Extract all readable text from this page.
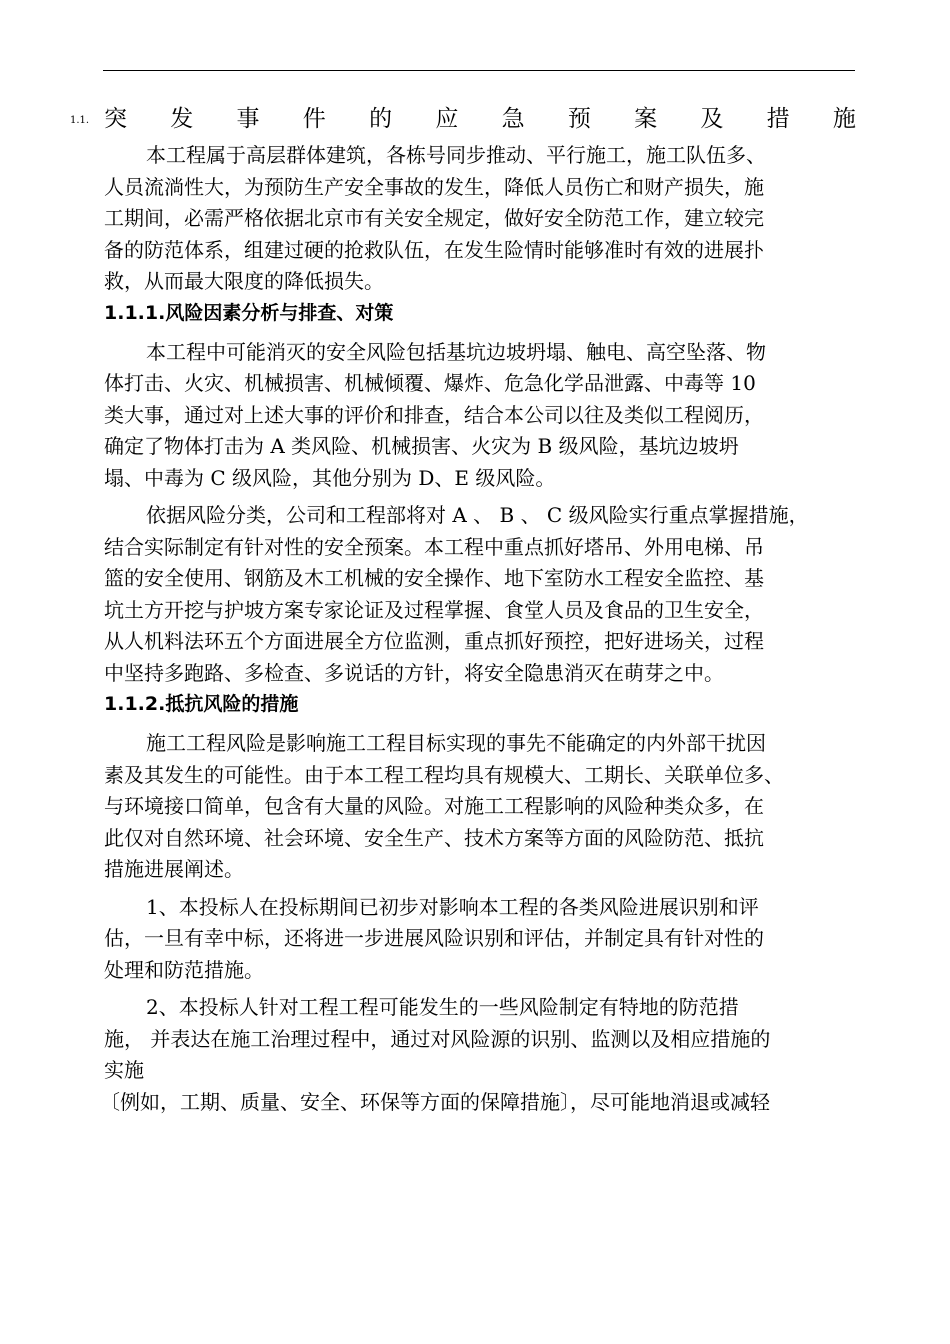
1.1. 突 发 事 件 的 应 急 预 案 及 措 施

本工程属于高层群体建筑，各栋号同步推动、平行施工，施工队伍多、
人员流淌性大，为预防生产安全事故的发生，降低人员伤亡和财产损失，施
工期间，必需严格依据北京市有关安全规定，做好安全防范工作，建立较完
备的防范体系，组建过硬的抢救队伍，在发生险情时能够准时有效的进展扑
救，从而最大限度的降低损失。

1.1.1.风险因素分析与排查、对策

本工程中可能消灭的安全风险包括基坑边坡坍塌、触电、高空坠落、物
体打击、火灾、机械损害、机械倾覆、爆炸、危急化学品泄露、中毒等 10
类大事，通过对上述大事的评价和排查，结合本公司以往及类似工程阅历，
确定了物体打击为 A 类风险、机械损害、火灾为 B 级风险，基坑边坡坍
塌、中毒为 C 级风险，其他分别为 D、E 级风险。

依据风险分类，公司和工程部将对 A 、 B 、 C 级风险实行重点掌握措施，
结合实际制定有针对性的安全预案。本工程中重点抓好塔吊、外用电梯、吊
篮的安全使用、钢筋及木工机械的安全操作、地下室防水工程安全监控、基
坑土方开挖与护坡方案专家论证及过程掌握、食堂人员及食品的卫生安全，
从人机料法环五个方面进展全方位监测，重点抓好预控，把好进场关，过程
中坚持多跑路、多检查、多说话的方针，将安全隐患消灭在萌芽之中。

1.1.2.抵抗风险的措施

施工工程风险是影响施工工程目标实现的事先不能确定的内外部干扰因
素及其发生的可能性。由于本工程工程均具有规模大、工期长、关联单位多、
与环境接口简单，包含有大量的风险。对施工工程影响的风险种类众多，在
此仅对自然环境、社会环境、安全生产、技术方案等方面的风险防范、抵抗
措施进展阐述。

1、本投标人在投标期间已初步对影响本工程的各类风险进展识别和评
估，一旦有幸中标，还将进一步进展风险识别和评估，并制定具有针对性的
处理和防范措施。

2、本投标人针对工程工程可能发生的一些风险制定有特地的防范措
施， 并表达在施工治理过程中，通过对风险源的识别、监测以及相应措施的
实施
〔例如，工期、质量、安全、环保等方面的保障措施〕，尽可能地消退或减轻
